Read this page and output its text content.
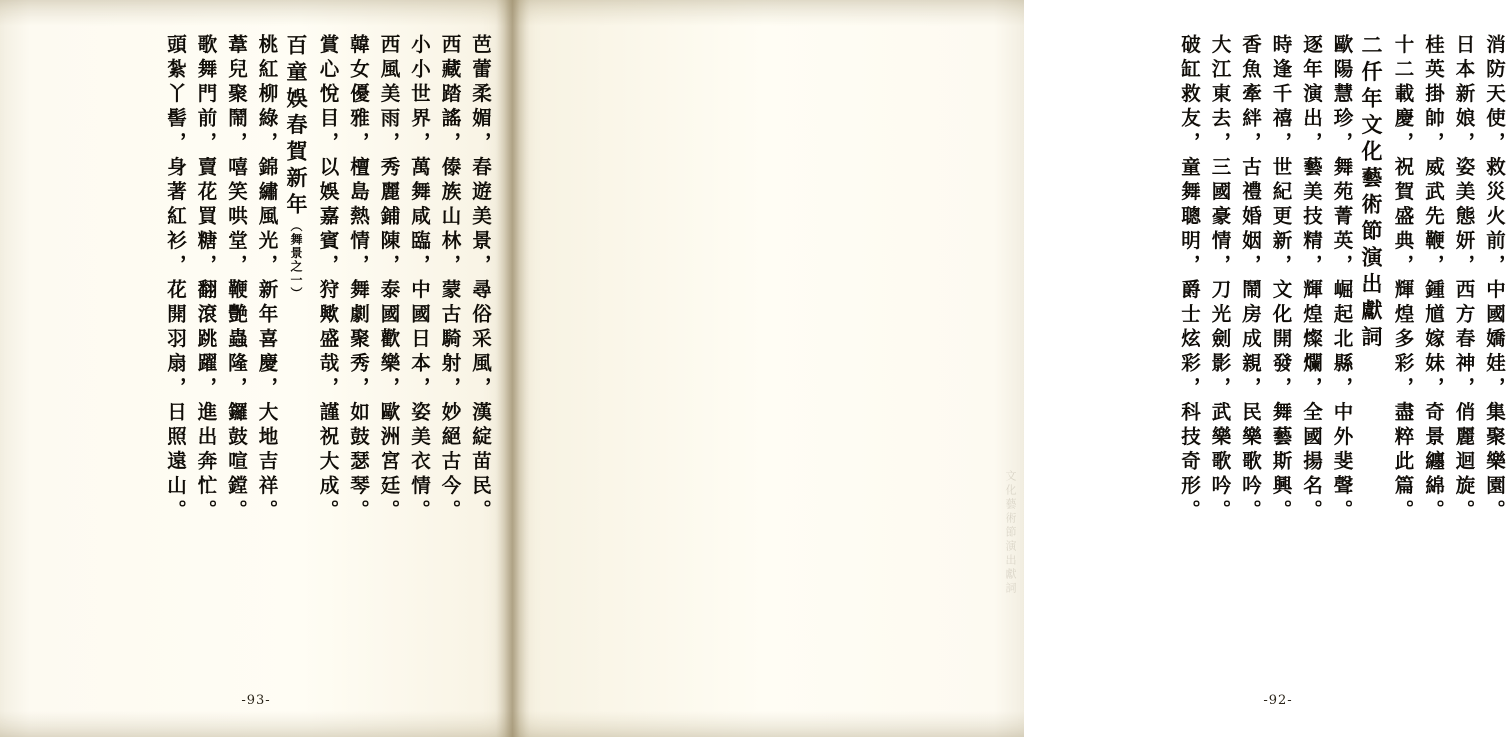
消防天使，救災火前，中國嬌娃，集聚樂園。
日本新娘，姿美態妍，西方春神，俏麗迴旋。
桂英掛帥，威武先鞭，鍾馗嫁妹，奇景纏綿。
十二載慶，祝賀盛典，輝煌多彩，盡粹此篇。
二仟年文化藝術節演出獻詞
歐陽慧珍，舞苑菁英，崛起北縣，中外斐聲。
逐年演出，藝美技精，輝煌燦爛，全國揚名。
時逢千禧，世紀更新，文化開發，舞藝斯興。
香魚牽絆，古禮婚姻，鬧房成親，民樂歌吟。
大江東去，三國豪情，刀光劍影，武樂歌吟。
破缸救友，童舞聰明，爵士炫彩，科技奇形。
文化藝術節演出獻詞
-92-
芭蕾柔媚，春遊美景，尋俗采風，漢綻苗民。
西藏踏謠，傣族山林，蒙古騎射，妙絕古今。
小小世界，萬舞咸臨，中國日本，姿美衣情。
西風美雨，秀麗鋪陳，泰國歡樂，歐洲宮廷。
韓女優雅，檀島熱情，舞劇聚秀，如鼓瑟琴。
賞心悅目，以娛嘉賓，狩歟盛哉，謹祝大成。
百童娛春賀新年（舞景之一）
桃紅柳綠，錦繡風光，新年喜慶，大地吉祥。
葦兒聚鬧，嘻笑哄堂，鞭艷蟲隆，鑼鼓喧鏜。
歌舞門前，賣花買糖，翻滾跳躍，進出奔忙。
頭紮丫髻，身著紅衫，花開羽扇，日照遠山。
-93-
